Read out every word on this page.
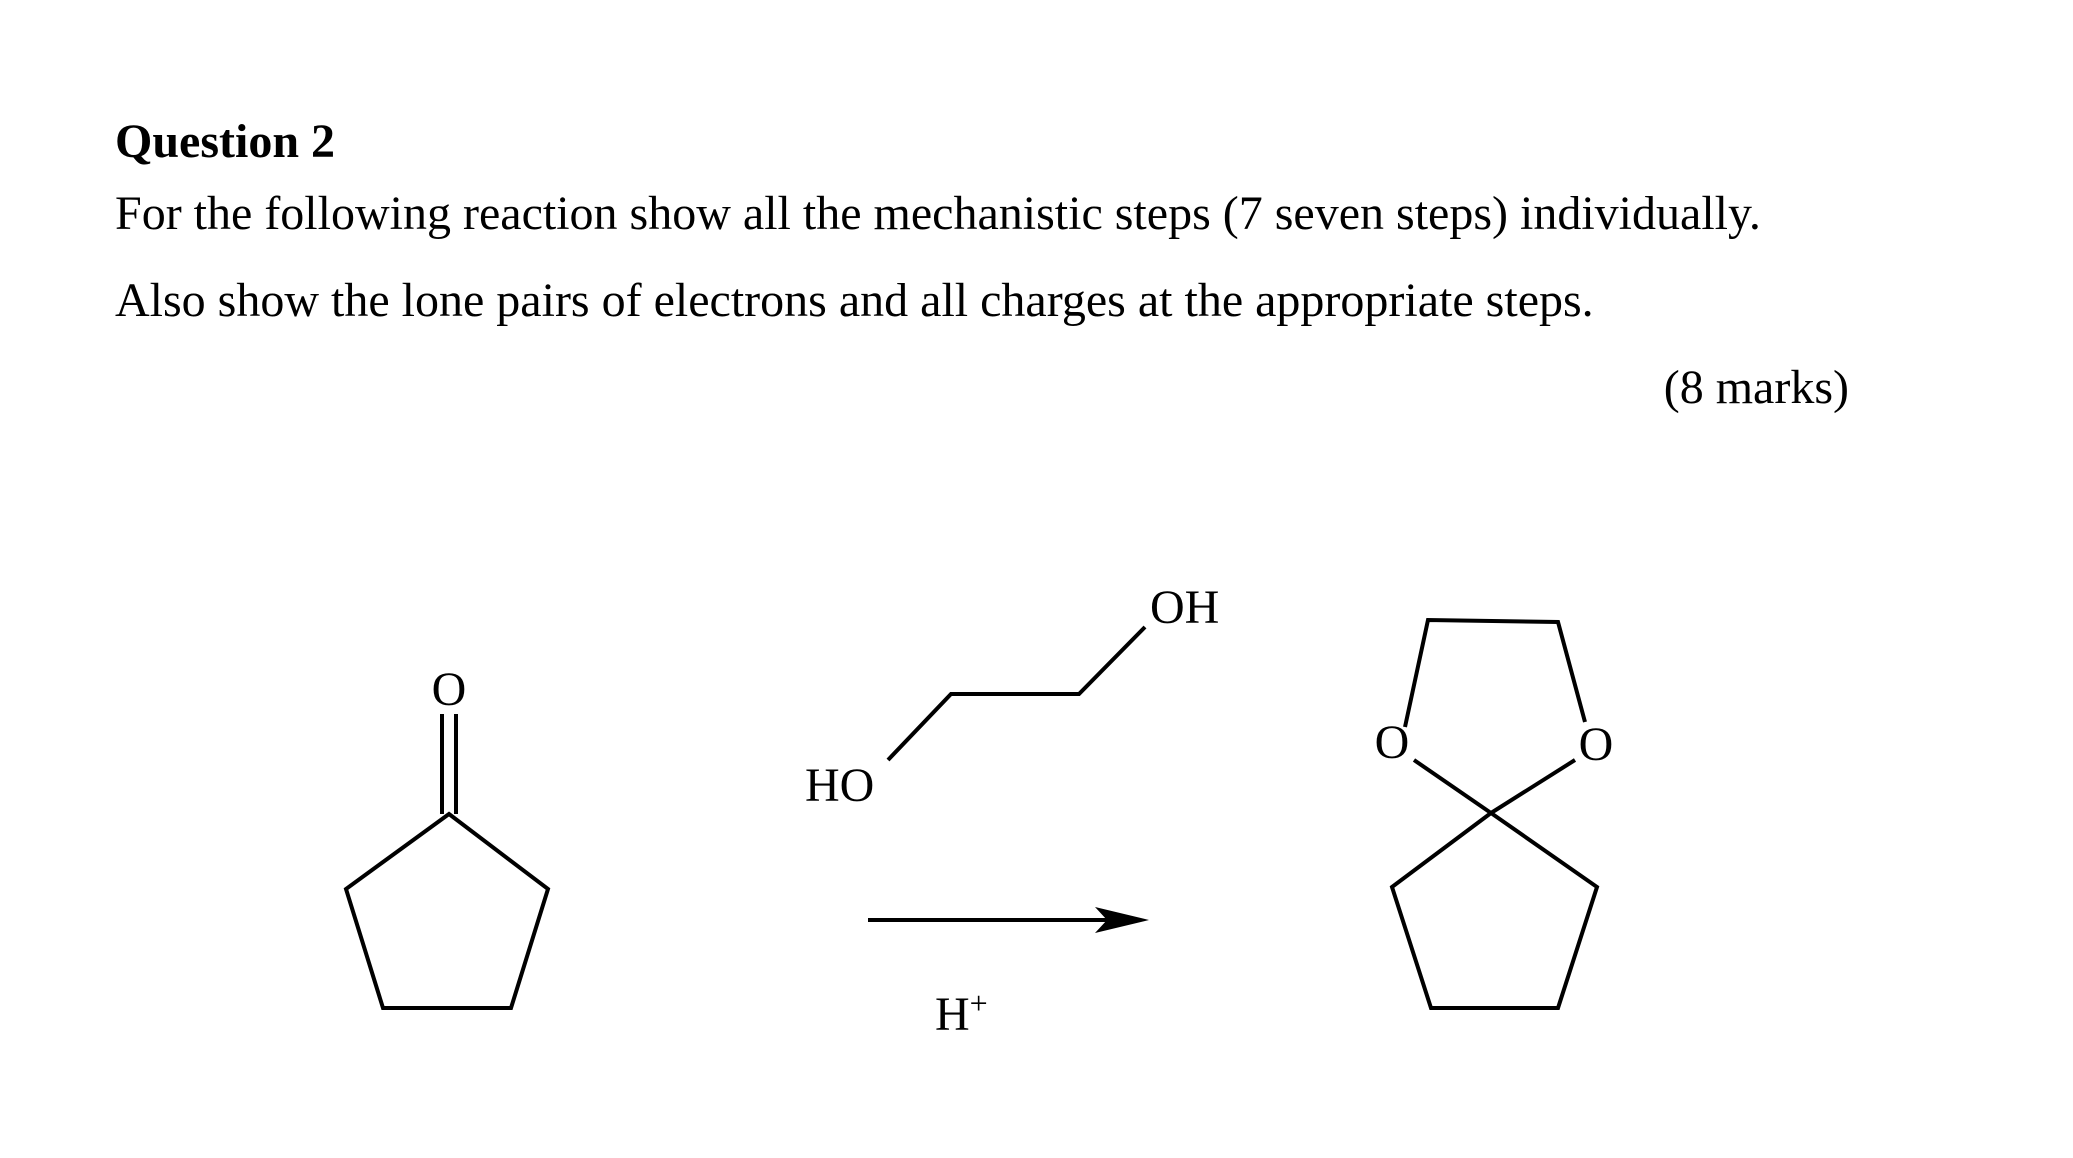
Question 2
For the following reaction show all the mechanistic steps (7 seven steps) individually.
Also show the lone pairs of electrons and all charges at the appropriate steps.
(8 marks)
O
OH
HO
H+
O	O
